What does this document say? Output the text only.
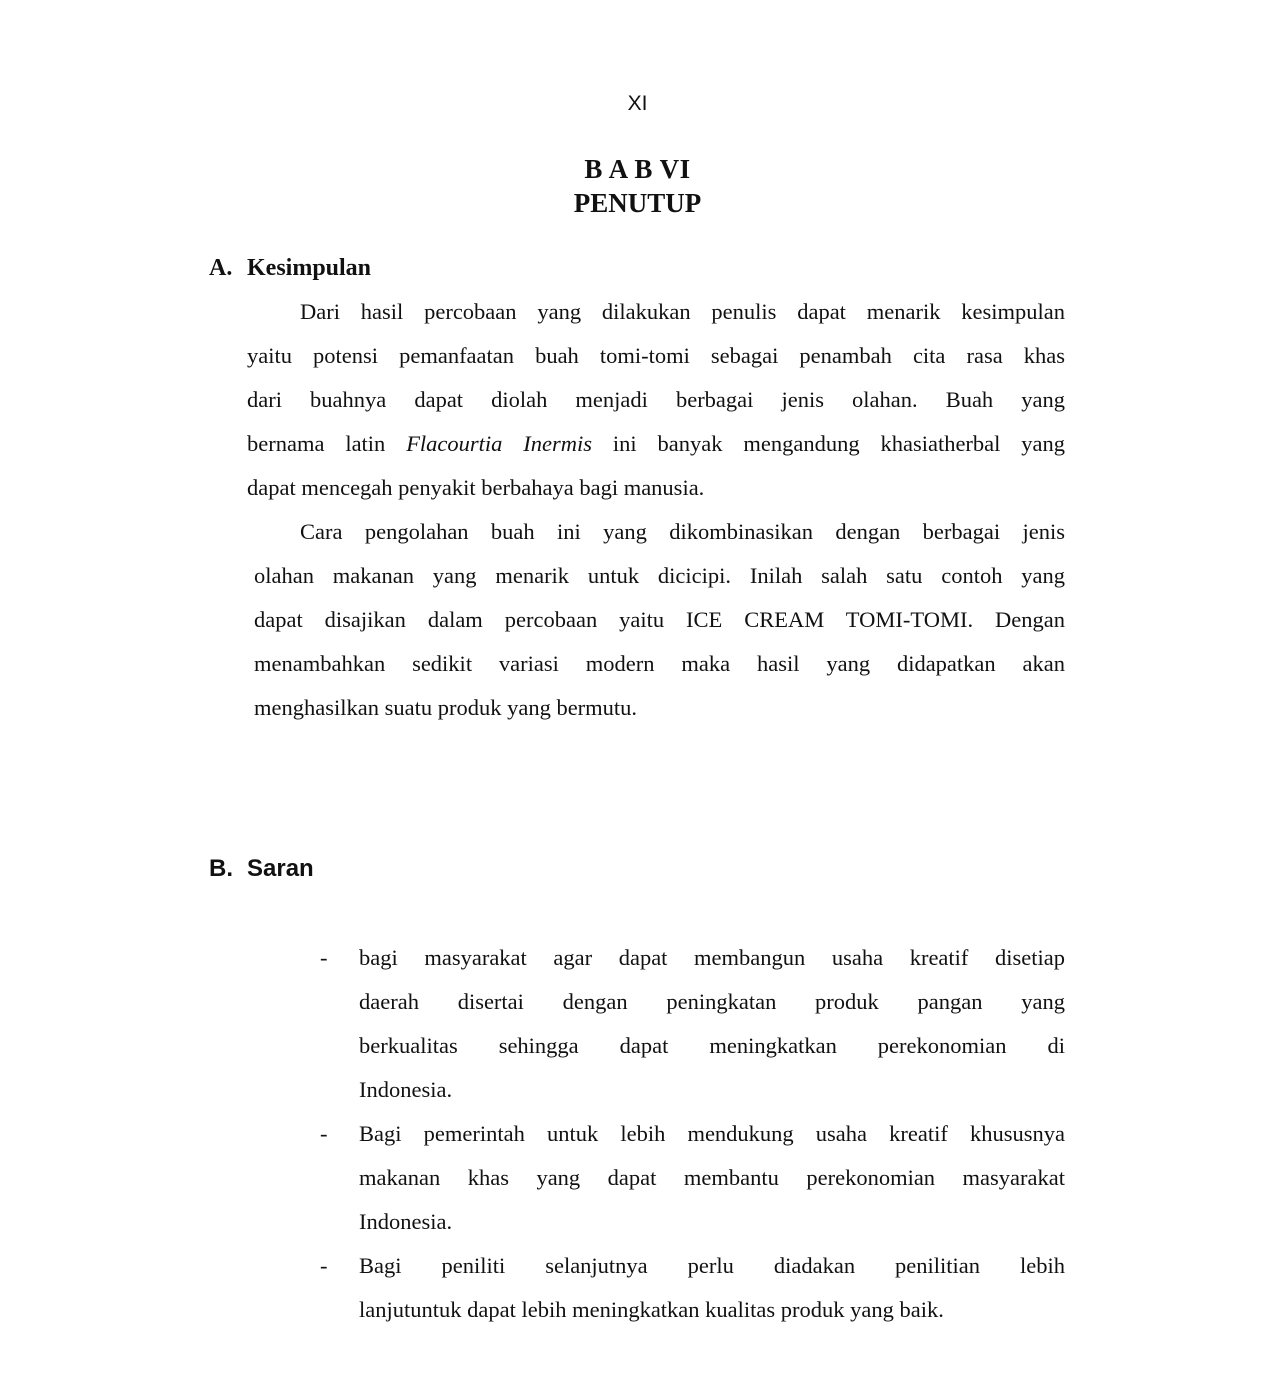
XI
B A B VI
PENUTUP
A. Kesimpulan
Dari hasil percobaan yang dilakukan penulis dapat menarik kesimpulan
yaitu potensi pemanfaatan buah tomi-tomi sebagai penambah cita rasa khas
dari buahnya dapat diolah menjadi berbagai jenis olahan. Buah yang
bernama latin Flacourtia Inermis ini banyak mengandung khasiatherbal yang
dapat mencegah penyakit berbahaya bagi manusia.
Cara pengolahan buah ini yang dikombinasikan dengan berbagai jenis
olahan makanan yang menarik untuk dicicipi. Inilah salah satu contoh yang
dapat disajikan dalam percobaan yaitu ICE CREAM TOMI-TOMI. Dengan
menambahkan sedikit variasi modern maka hasil yang didapatkan akan
menghasilkan suatu produk yang bermutu.
B. Saran
-	bagi masyarakat agar dapat membangun usaha kreatif disetiap
daerah disertai dengan peningkatan produk pangan yang
berkualitas sehingga dapat meningkatkan perekonomian di
Indonesia.
-	Bagi pemerintah untuk lebih mendukung usaha kreatif khususnya
makanan khas yang dapat membantu perekonomian masyarakat
Indonesia.
-	Bagi peniliti selanjutnya perlu diadakan penilitian lebih
lanjutuntuk dapat lebih meningkatkan kualitas produk yang baik.
